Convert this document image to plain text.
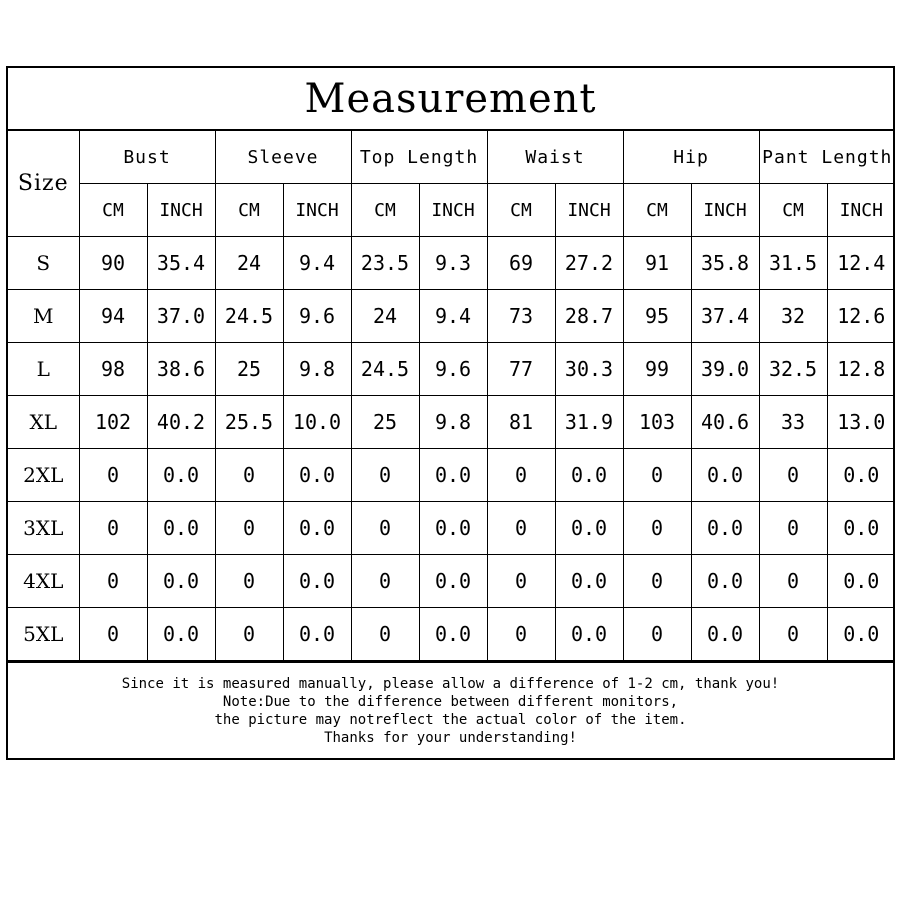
Measurement
Size	Bust		Sleeve		Top Length		Waist		Hip		Pant Length	
	CM	INCH	CM	INCH	CM	INCH	CM	INCH	CM	INCH	CM	INCH
S	90	35.4	24	9.4	23.5	9.3	69	27.2	91	35.8	31.5	12.4
M	94	37.0	24.5	9.6	24	9.4	73	28.7	95	37.4	32	12.6
L	98	38.6	25	9.8	24.5	9.6	77	30.3	99	39.0	32.5	12.8
XL	102	40.2	25.5	10.0	25	9.8	81	31.9	103	40.6	33	13.0
2XL	0	0.0	0	0.0	0	0.0	0	0.0	0	0.0	0	0.0
3XL	0	0.0	0	0.0	0	0.0	0	0.0	0	0.0	0	0.0
4XL	0	0.0	0	0.0	0	0.0	0	0.0	0	0.0	0	0.0
5XL	0	0.0	0	0.0	0	0.0	0	0.0	0	0.0	0	0.0
Since it is measured manually, please allow a difference of 1-2 cm, thank you!
Note:Due to the difference between different monitors,
the picture may notreflect the actual color of the item.
Thanks for your understanding!
